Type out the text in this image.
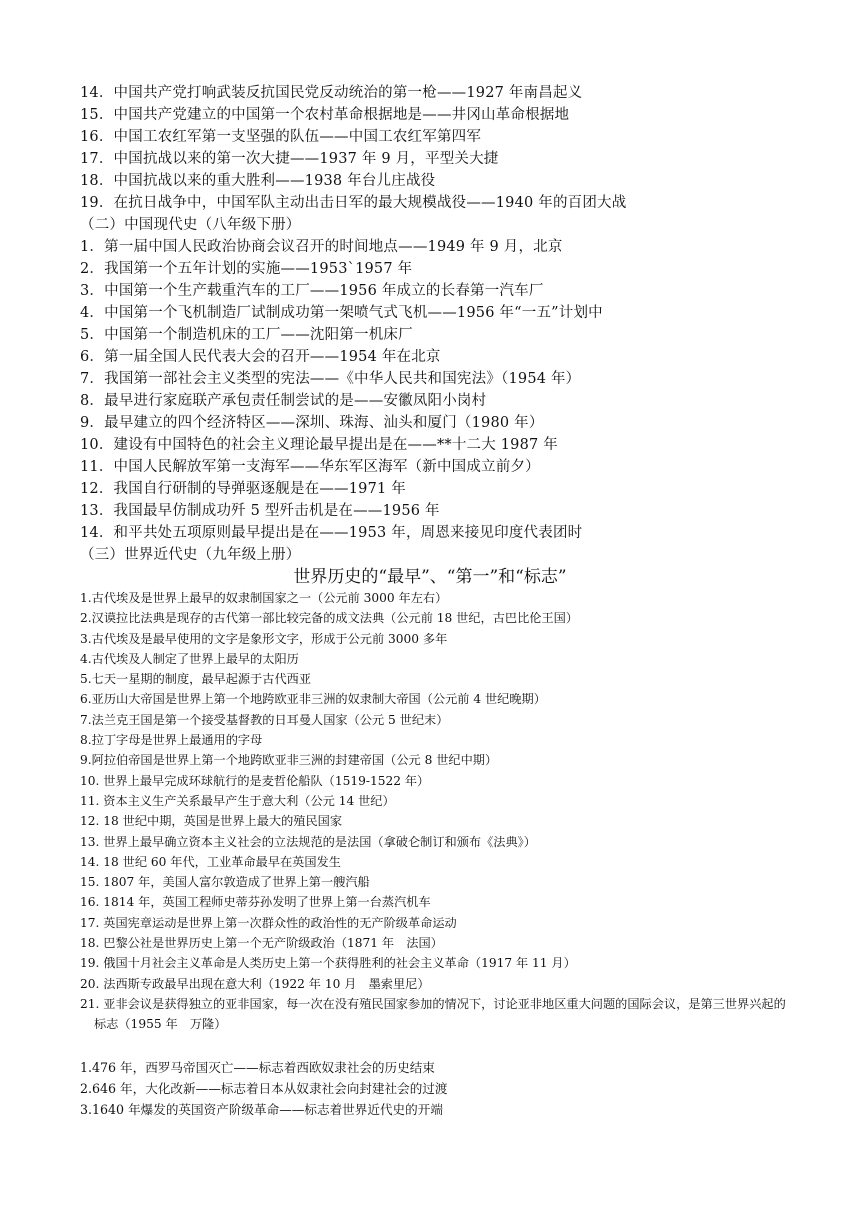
14．中国共产党打响武装反抗国民党反动统治的第一枪——1927 年南昌起义
15．中国共产党建立的中国第一个农村革命根据地是——井冈山革命根据地
16．中国工农红军第一支坚强的队伍——中国工农红军第四军
17．中国抗战以来的第一次大捷——1937 年 9 月，平型关大捷
18．中国抗战以来的重大胜利——1938 年台儿庄战役
19．在抗日战争中，中国军队主动出击日军的最大规模战役——1940 年的百团大战
（二）中国现代史（八年级下册）
1．第一届中国人民政治协商会议召开的时间地点——1949 年 9 月，北京
2．我国第一个五年计划的实施——1953`1957 年
3．中国第一个生产载重汽车的工厂——1956 年成立的长春第一汽车厂
4．中国第一个飞机制造厂试制成功第一架喷气式飞机——1956 年“一五”计划中
5．中国第一个制造机床的工厂——沈阳第一机床厂
6．第一届全国人民代表大会的召开——1954 年在北京
7．我国第一部社会主义类型的宪法——《中华人民共和国宪法》（1954 年）
8．最早进行家庭联产承包责任制尝试的是——安徽凤阳小岗村
9．最早建立的四个经济特区——深圳、珠海、汕头和厦门（1980 年）
10．建设有中国特色的社会主义理论最早提出是在——**十二大 1987 年
11．中国人民解放军第一支海军——华东军区海军（新中国成立前夕）
12．我国自行研制的导弹驱逐舰是在——1971 年
13．我国最早仿制成功歼 5 型歼击机是在——1956 年
14．和平共处五项原则最早提出是在——1953 年，周恩来接见印度代表团时
（三）世界近代史（九年级上册）
世界历史的“最早”、“第一”和“标志”
1.古代埃及是世界上最早的奴隶制国家之一（公元前 3000 年左右）
2.汉谟拉比法典是现存的古代第一部比较完备的成文法典（公元前 18 世纪，古巴比伦王国）
3.古代埃及是最早使用的文字是象形文字，形成于公元前 3000 多年
4.古代埃及人制定了世界上最早的太阳历
5.七天一星期的制度，最早起源于古代西亚
6.亚历山大帝国是世界上第一个地跨欧亚非三洲的奴隶制大帝国（公元前 4 世纪晚期）
7.法兰克王国是第一个接受基督教的日耳曼人国家（公元 5 世纪末）
8.拉丁字母是世界上最通用的字母
9.阿拉伯帝国是世界上第一个地跨欧亚非三洲的封建帝国（公元 8 世纪中期）
10. 世界上最早完成环球航行的是麦哲伦船队（1519-1522 年）
11. 资本主义生产关系最早产生于意大利（公元 14 世纪）
12. 18 世纪中期，英国是世界上最大的殖民国家
13. 世界上最早确立资本主义社会的立法规范的是法国（拿破仑制订和颁布《法典》）
14. 18 世纪 60 年代，工业革命最早在英国发生
15. 1807 年，美国人富尔敦造成了世界上第一艘汽船
16. 1814 年，英国工程师史蒂芬孙发明了世界上第一台蒸汽机车
17. 英国宪章运动是世界上第一次群众性的政治性的无产阶级革命运动
18. 巴黎公社是世界历史上第一个无产阶级政治（1871 年　法国）
19. 俄国十月社会主义革命是人类历史上第一个获得胜利的社会主义革命（1917 年 11 月）
20. 法西斯专政最早出现在意大利（1922 年 10 月　墨索里尼）
21. 亚非会议是获得独立的亚非国家，每一次在没有殖民国家参加的情况下，讨论亚非地区重大问题的国际会议，是第三世界兴起的标志（1955 年　万隆）
1.476 年，西罗马帝国灭亡——标志着西欧奴隶社会的历史结束
2.646 年，大化改新——标志着日本从奴隶社会向封建社会的过渡
3.1640 年爆发的英国资产阶级革命——标志着世界近代史的开端
